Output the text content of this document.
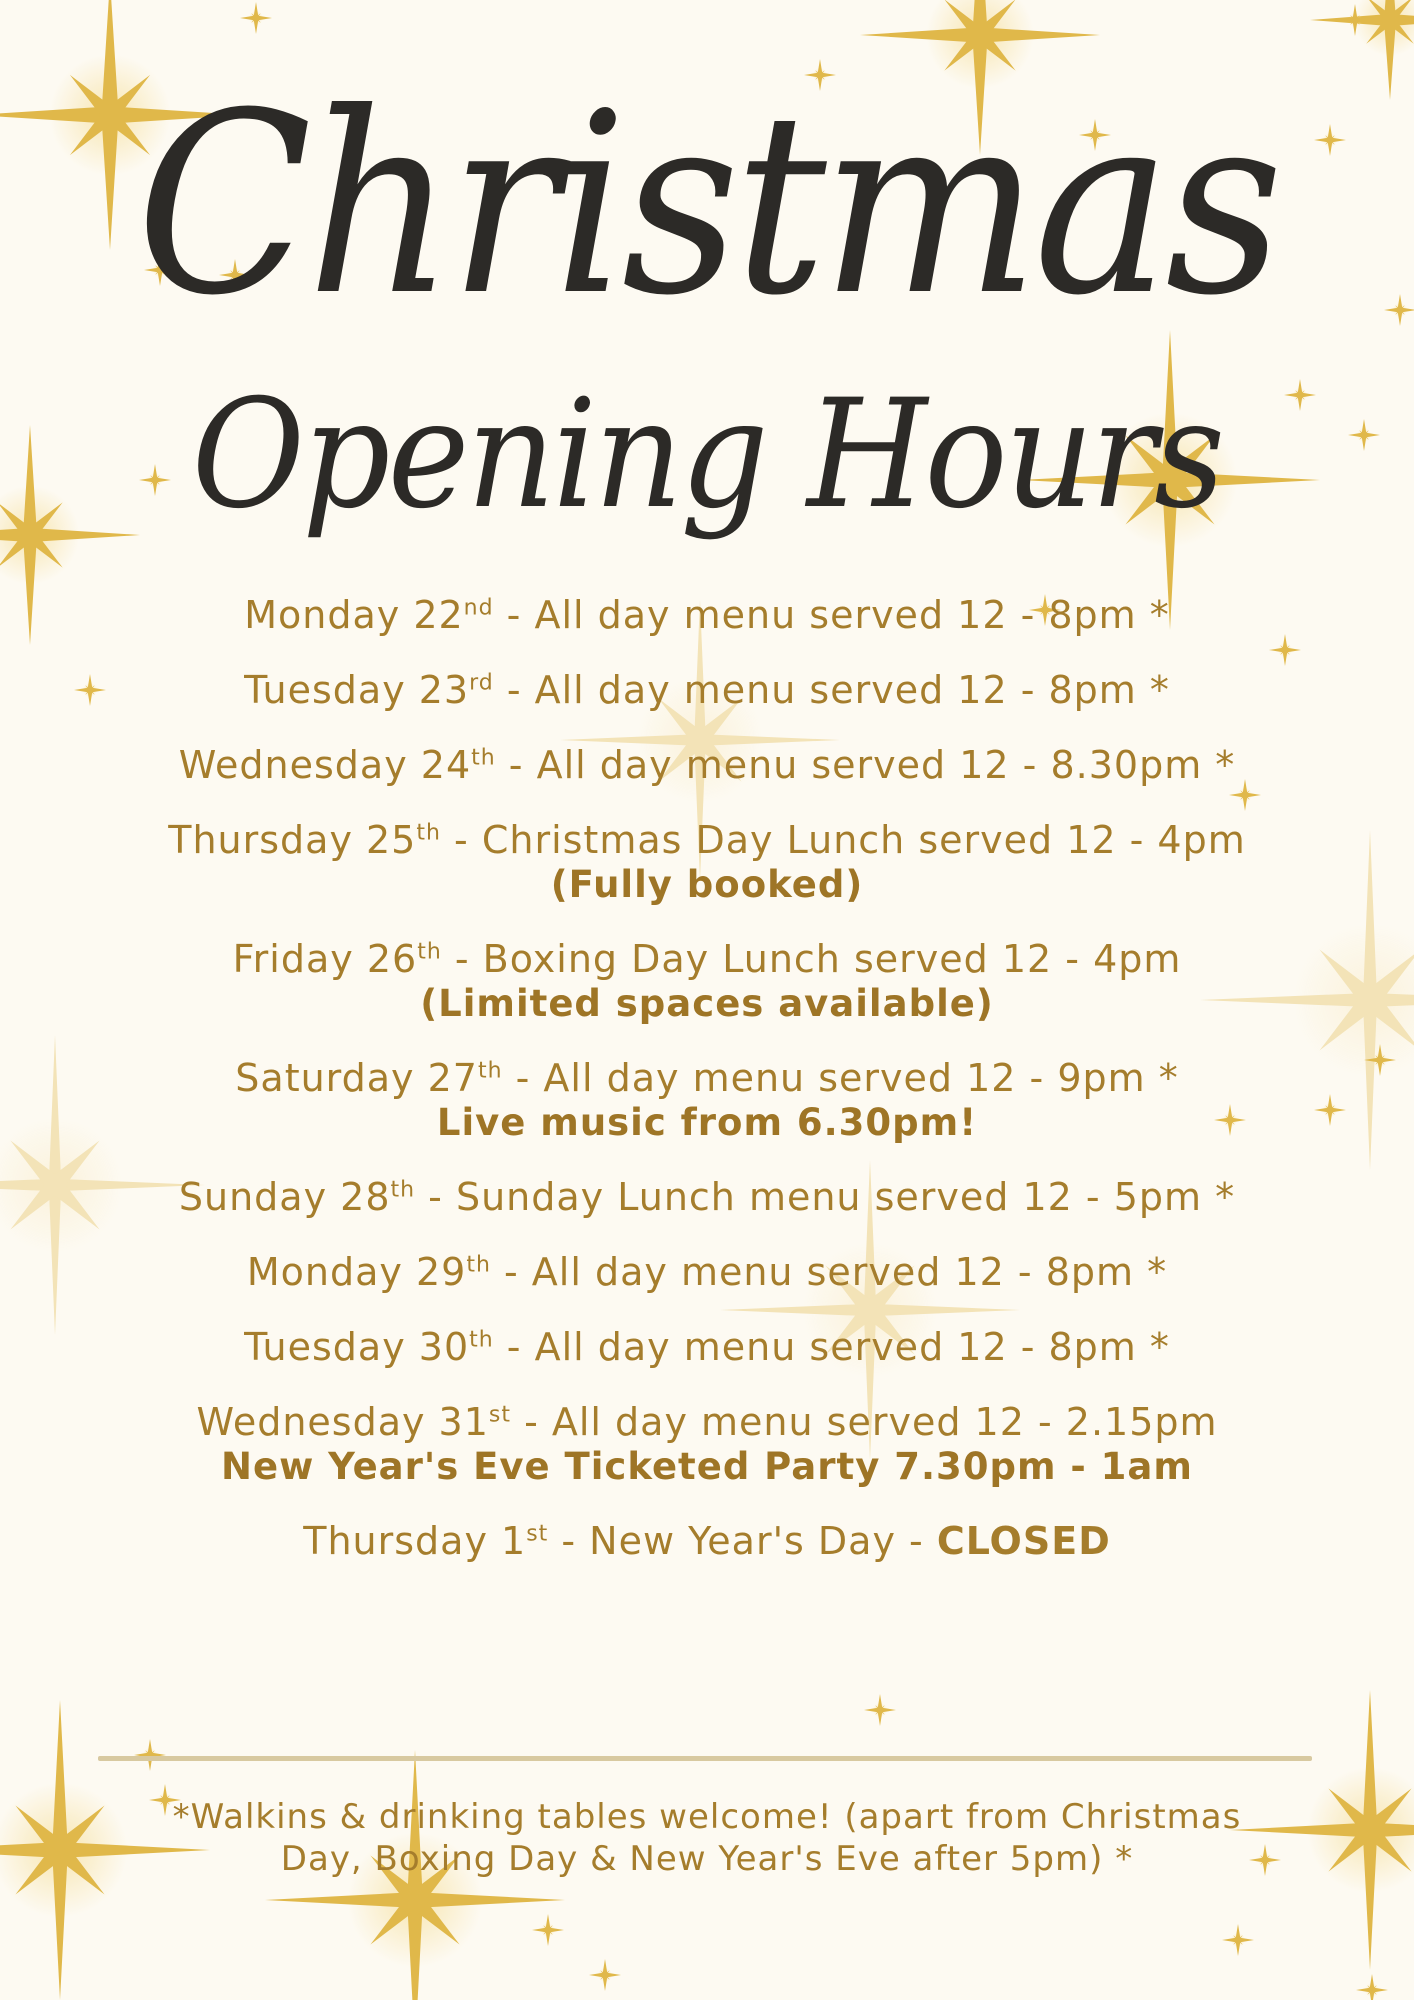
Christmas
Opening Hours
Monday 22nd - All day menu served 12 - 8pm *
Tuesday 23rd - All day menu served 12 - 8pm *
Wednesday 24th - All day menu served 12 - 8.30pm *
Thursday 25th - Christmas Day Lunch served 12 - 4pm
(Fully booked)
Friday 26th - Boxing Day Lunch served 12 - 4pm
(Limited spaces available)
Saturday 27th - All day menu served 12 - 9pm *
Live music from 6.30pm!
Sunday 28th - Sunday Lunch menu served 12 - 5pm *
Monday 29th - All day menu served 12 - 8pm *
Tuesday 30th - All day menu served 12 - 8pm *
Wednesday 31st - All day menu served 12 - 2.15pm
New Year's Eve Ticketed Party 7.30pm - 1am
Thursday 1st - New Year's Day - CLOSED
*Walkins & drinking tables welcome! (apart from Christmas
Day, Boxing Day & New Year's Eve after 5pm) *
